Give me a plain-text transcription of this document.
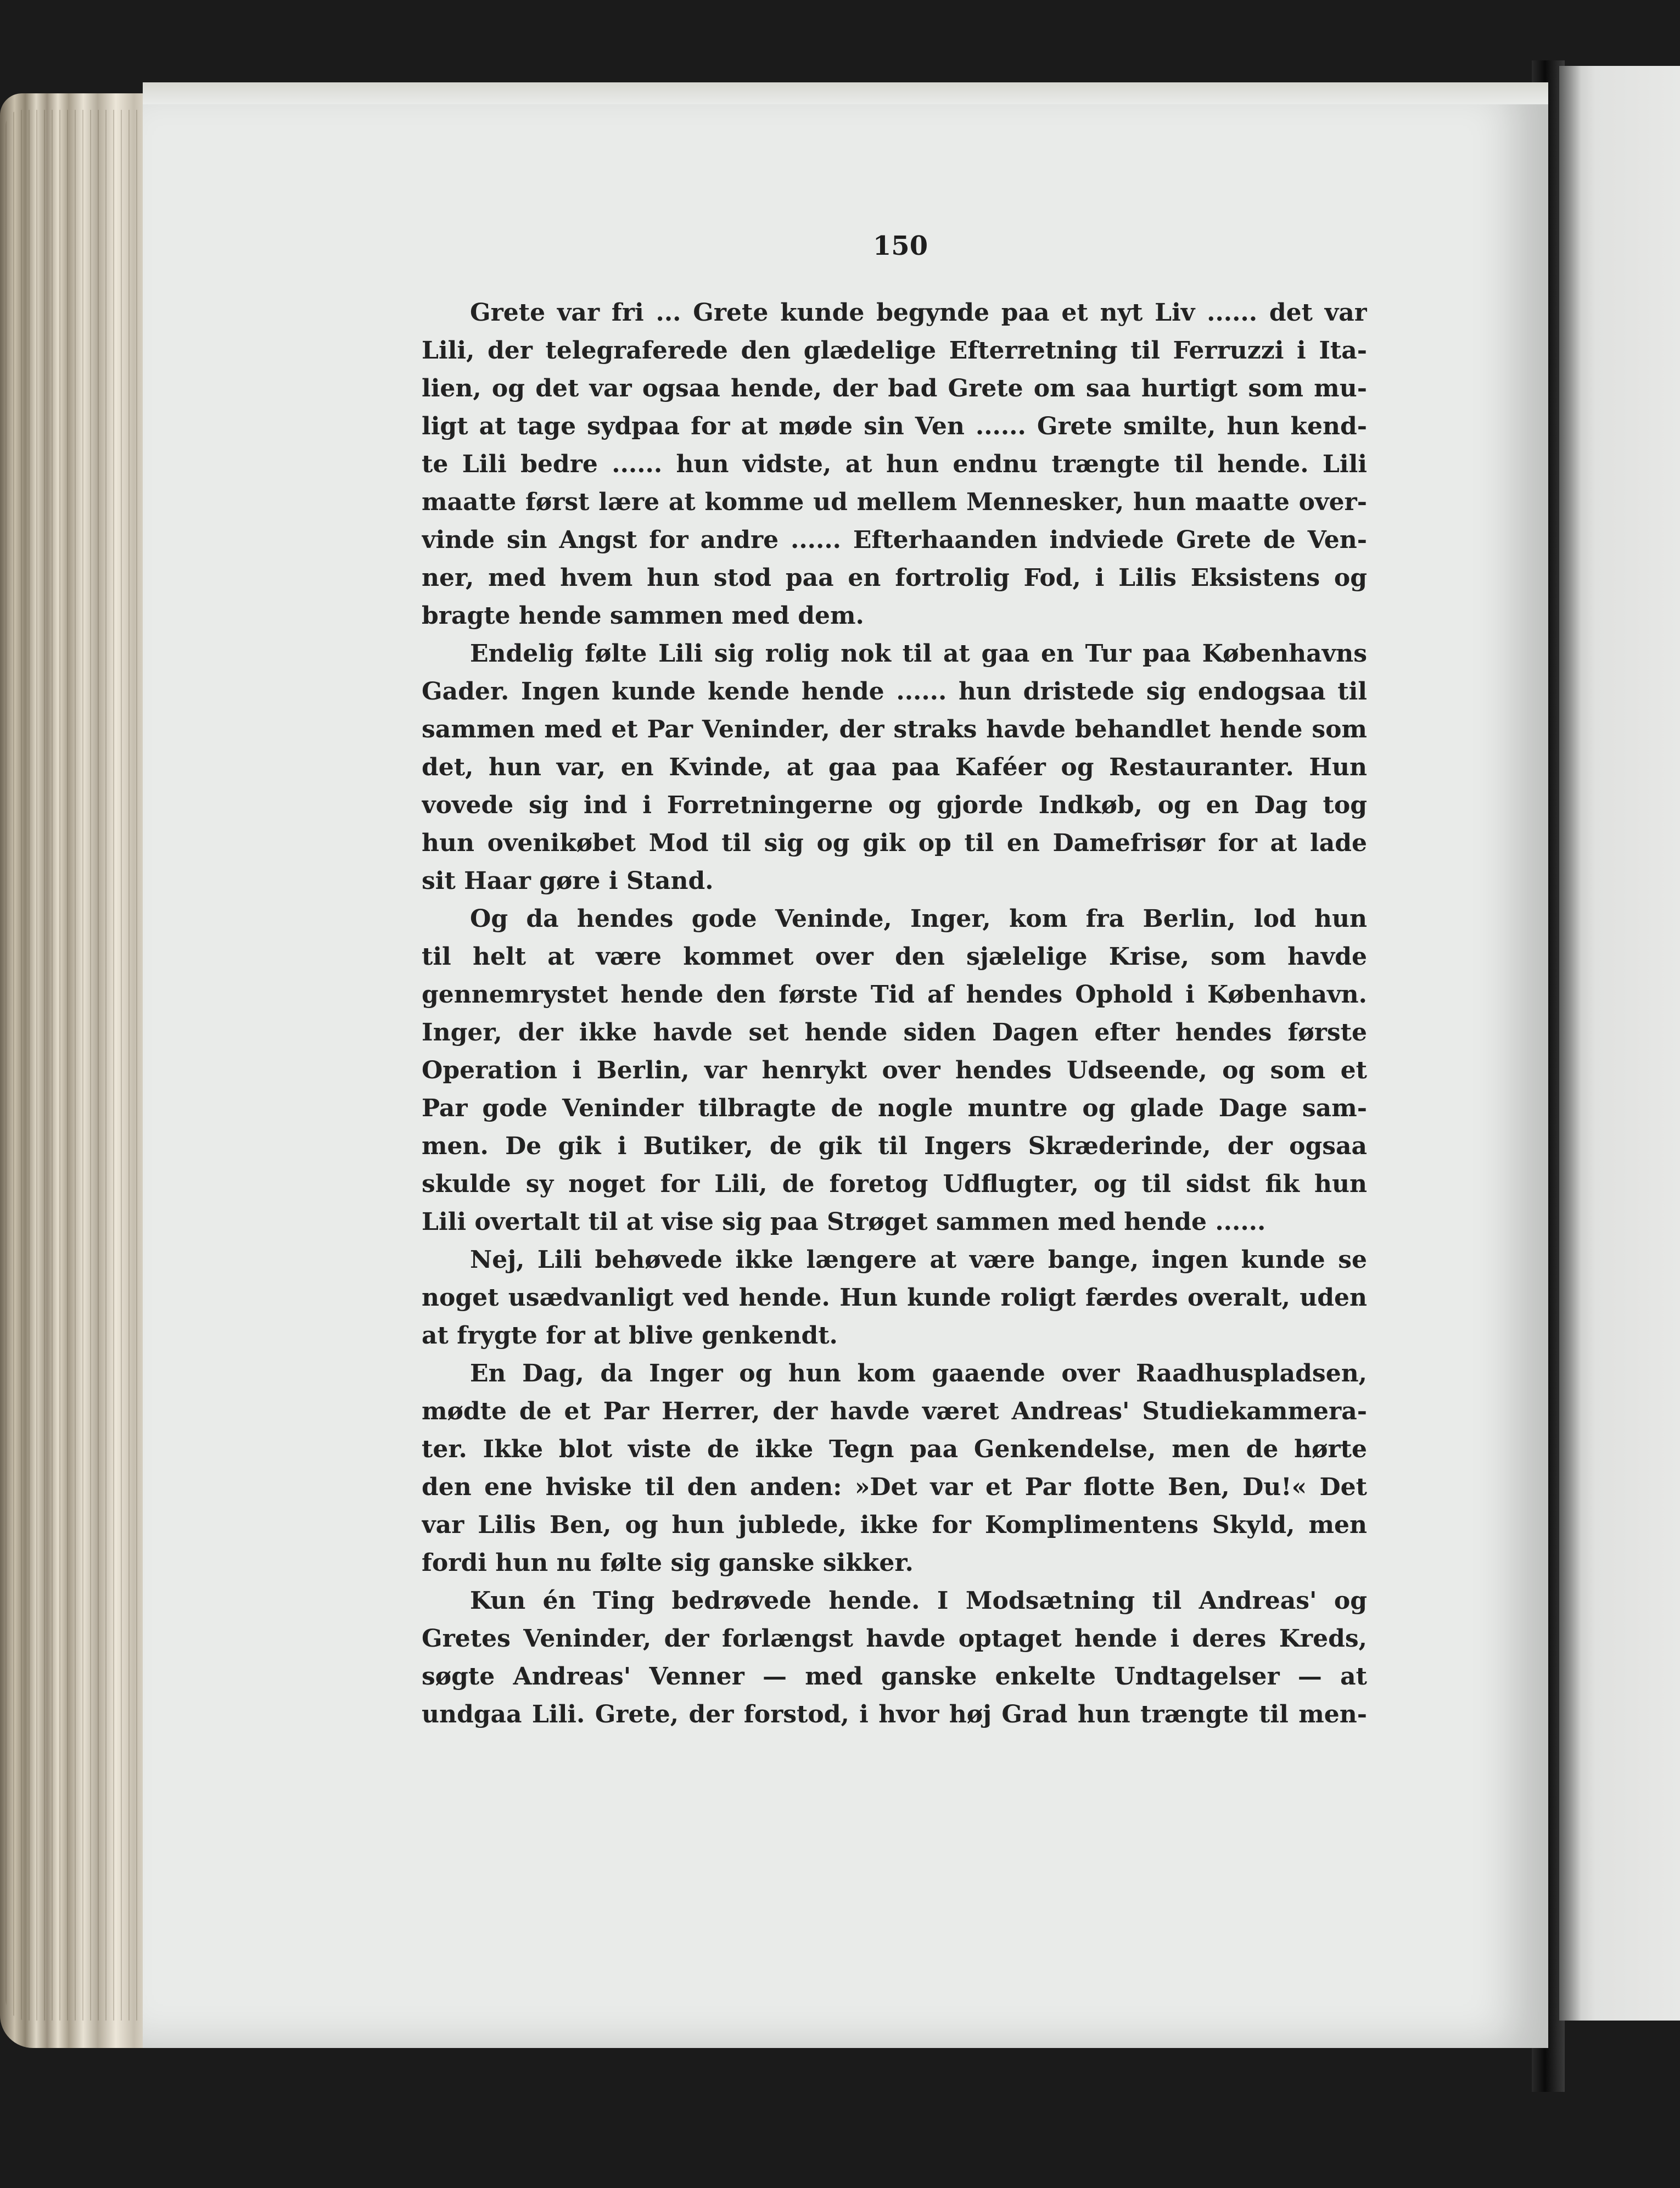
150
Grete var fri ... Grete kunde begynde paa et nyt Liv ...... det var
Lili, der telegraferede den glædelige Efterretning til Ferruzzi i Ita-
lien, og det var ogsaa hende, der bad Grete om saa hurtigt som mu-
ligt at tage sydpaa for at møde sin Ven ...... Grete smilte, hun kend-
te Lili bedre ...... hun vidste, at hun endnu trængte til hende. Lili
maatte først lære at komme ud mellem Mennesker, hun maatte over-
vinde sin Angst for andre ...... Efterhaanden indviede Grete de Ven-
ner, med hvem hun stod paa en fortrolig Fod, i Lilis Eksistens og
bragte hende sammen med dem.
Endelig følte Lili sig rolig nok til at gaa en Tur paa Københavns
Gader. Ingen kunde kende hende ...... hun dristede sig endogsaa til
sammen med et Par Veninder, der straks havde behandlet hende som
det, hun var, en Kvinde, at gaa paa Kaféer og Restauranter. Hun
vovede sig ind i Forretningerne og gjorde Indkøb, og en Dag tog
hun ovenikøbet Mod til sig og gik op til en Damefrisør for at lade
sit Haar gøre i Stand.
Og da hendes gode Veninde, Inger, kom fra Berlin, lod hun
til helt at være kommet over den sjælelige Krise, som havde
gennemrystet hende den første Tid af hendes Ophold i København.
Inger, der ikke havde set hende siden Dagen efter hendes første
Operation i Berlin, var henrykt over hendes Udseende, og som et
Par gode Veninder tilbragte de nogle muntre og glade Dage sam-
men. De gik i Butiker, de gik til Ingers Skræderinde, der ogsaa
skulde sy noget for Lili, de foretog Udflugter, og til sidst fik hun
Lili overtalt til at vise sig paa Strøget sammen med hende ......
Nej, Lili behøvede ikke længere at være bange, ingen kunde se
noget usædvanligt ved hende. Hun kunde roligt færdes overalt, uden
at frygte for at blive genkendt.
En Dag, da Inger og hun kom gaaende over Raadhuspladsen,
mødte de et Par Herrer, der havde været Andreas' Studiekammera-
ter. Ikke blot viste de ikke Tegn paa Genkendelse, men de hørte
den ene hviske til den anden: »Det var et Par flotte Ben, Du!« Det
var Lilis Ben, og hun jublede, ikke for Komplimentens Skyld, men
fordi hun nu følte sig ganske sikker.
Kun én Ting bedrøvede hende. I Modsætning til Andreas' og
Gretes Veninder, der forlængst havde optaget hende i deres Kreds,
søgte Andreas' Venner — med ganske enkelte Undtagelser — at
undgaa Lili. Grete, der forstod, i hvor høj Grad hun trængte til men-
